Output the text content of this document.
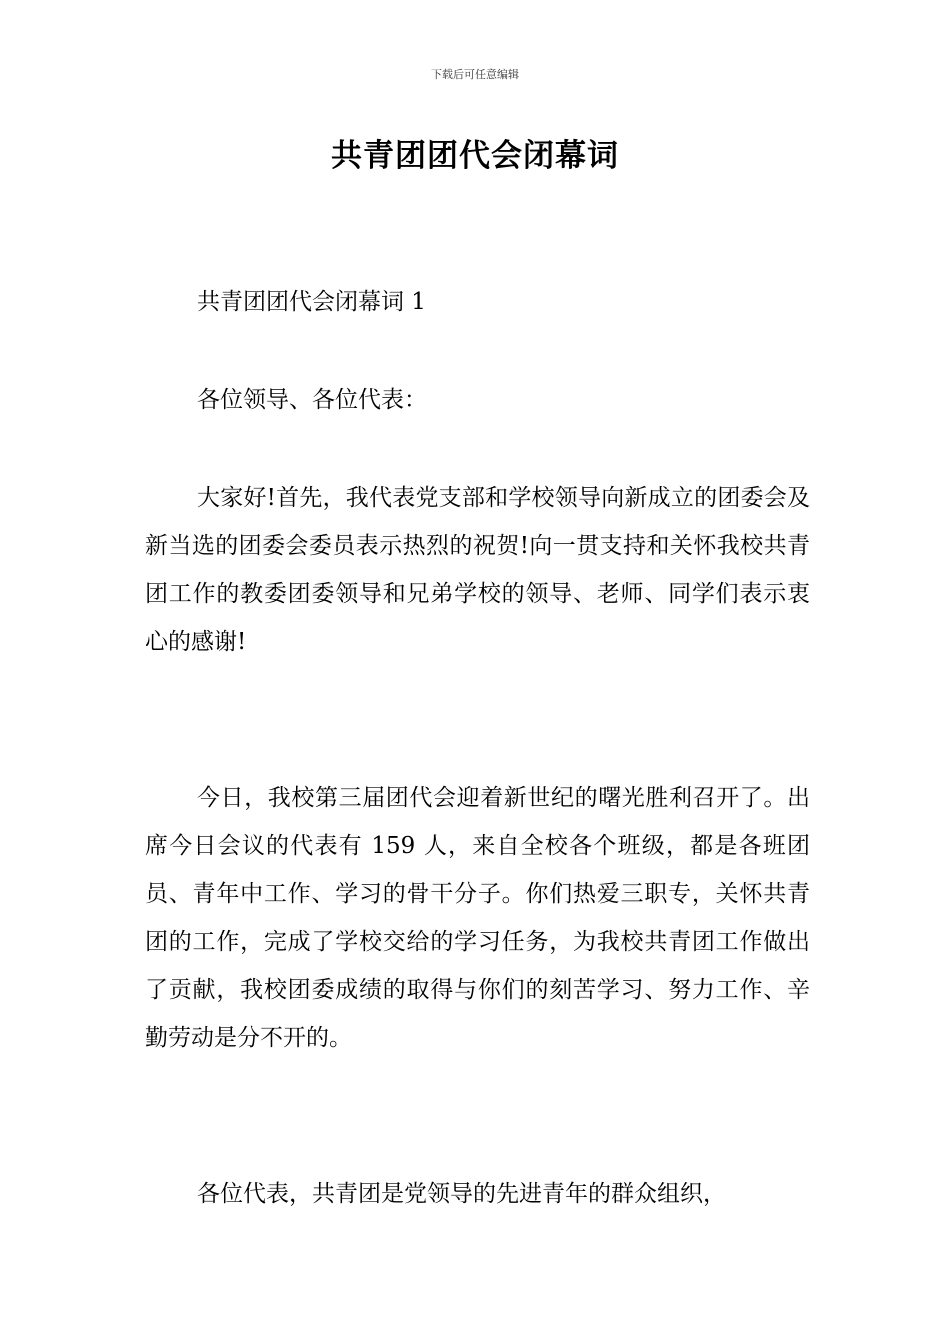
下载后可任意编辑
共青团团代会闭幕词

共青团团代会闭幕词 1

各位领导、各位代表：

大家好!首先，我代表党支部和学校领导向新成立的团委会及新当选的团委会委员表示热烈的祝贺!向一贯支持和关怀我校共青团工作的教委团委领导和兄弟学校的领导、老师、同学们表示衷心的感谢!

今日，我校第三届团代会迎着新世纪的曙光胜利召开了。出席今日会议的代表有 159 人，来自全校各个班级，都是各班团员、青年中工作、学习的骨干分子。你们热爱三职专，关怀共青团的工作，完成了学校交给的学习任务，为我校共青团工作做出了贡献，我校团委成绩的取得与你们的刻苦学习、努力工作、辛勤劳动是分不开的。

各位代表，共青团是党领导的先进青年的群众组织，
